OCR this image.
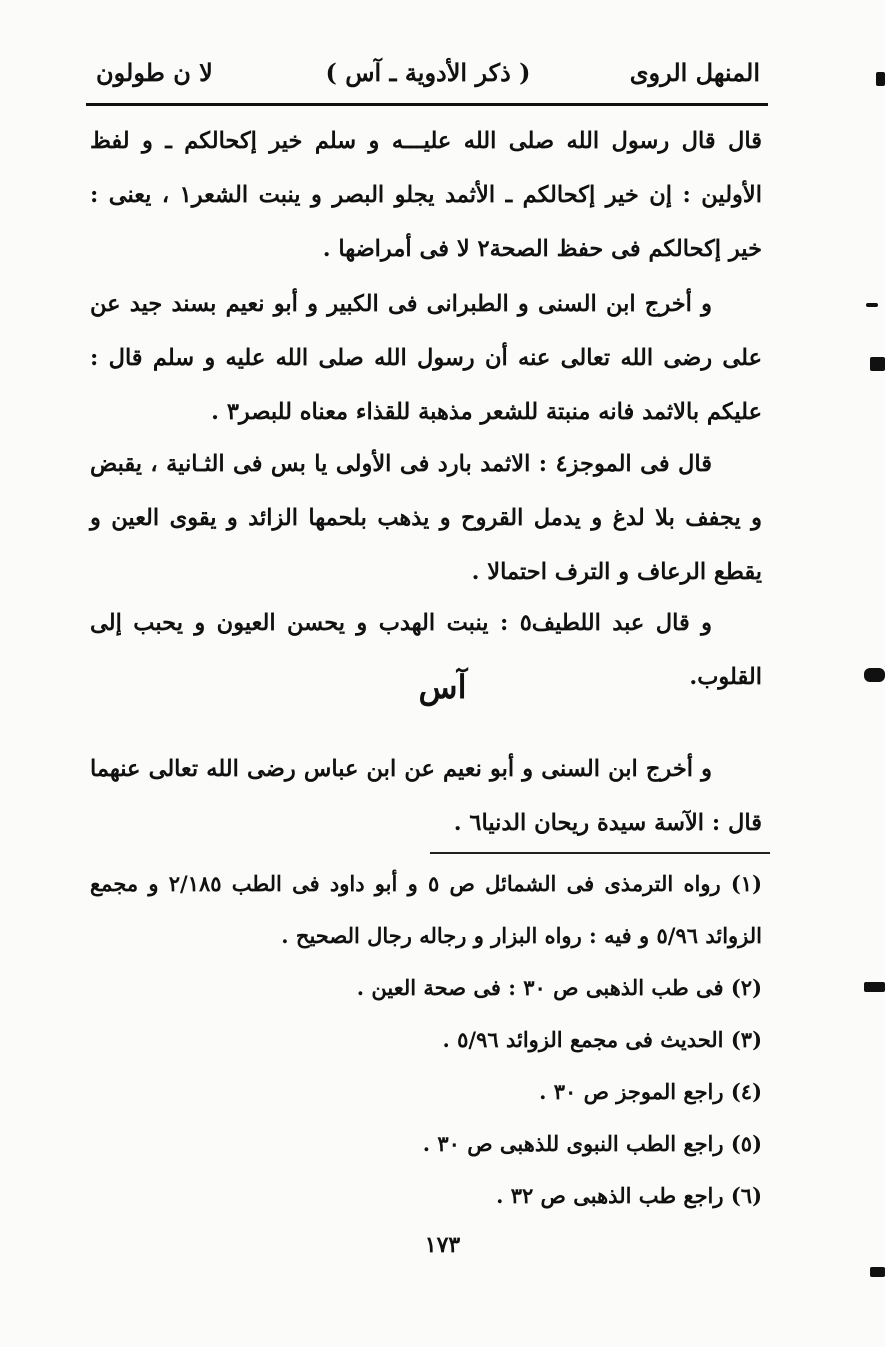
المنهل الروى
( ذكر الأدوية ـ آس )
لا ن طولون

قال قال رسول الله صلى الله عليـــه و سلم خير إكحالكم ـ و لفظ الأولين : إن خير إكحالكم ـ الأثمد يجلو البصر و ينبت الشعر١ ، يعنى : خير إكحالكم فى حفظ الصحة٢ لا فى أمراضها .

و أخرج ابن السنى و الطبرانى فى الكبير و أبو نعيم بسند جيد عن على رضى الله تعالى عنه أن رسول الله صلى الله عليه و سلم قال : عليكم بالاثمد فانه منبتة للشعر مذهبة للقذاء معناه للبصر٣ .

قال فى الموجز٤ : الاثمد بارد فى الأولى يا بس فى الثـانية ، يقبض و يجفف بلا لدغ و يدمل القروح و يذهب بلحمها الزائد و يقوى العين و يقطع الرعاف و الترف احتمالا .

و قال عبد اللطيف٥ : ينبت الهدب و يحسن العيون و يحبب إلى القلوب.

آس

و أخرج ابن السنى و أبو نعيم عن ابن عباس رضى الله تعالى عنهما قال : الآسة سيدة ريحان الدنيا٦ .

(١) رواه الترمذى فى الشمائل ص ٥ و أبو داود فى الطب ٢/١٨٥ و مجمع الزوائد ٥/٩٦ و فيه : رواه البزار و رجاله رجال الصحيح .
(٢) فى طب الذهبى ص ٣٠ : فى صحة العين .
(٣) الحديث فى مجمع الزوائد ٥/٩٦ .
(٤) راجع الموجز ص ٣٠ .
(٥) راجع الطب النبوى للذهبى ص ٣٠ .
(٦) راجع طب الذهبى ص ٣٢ .
١٧٣
